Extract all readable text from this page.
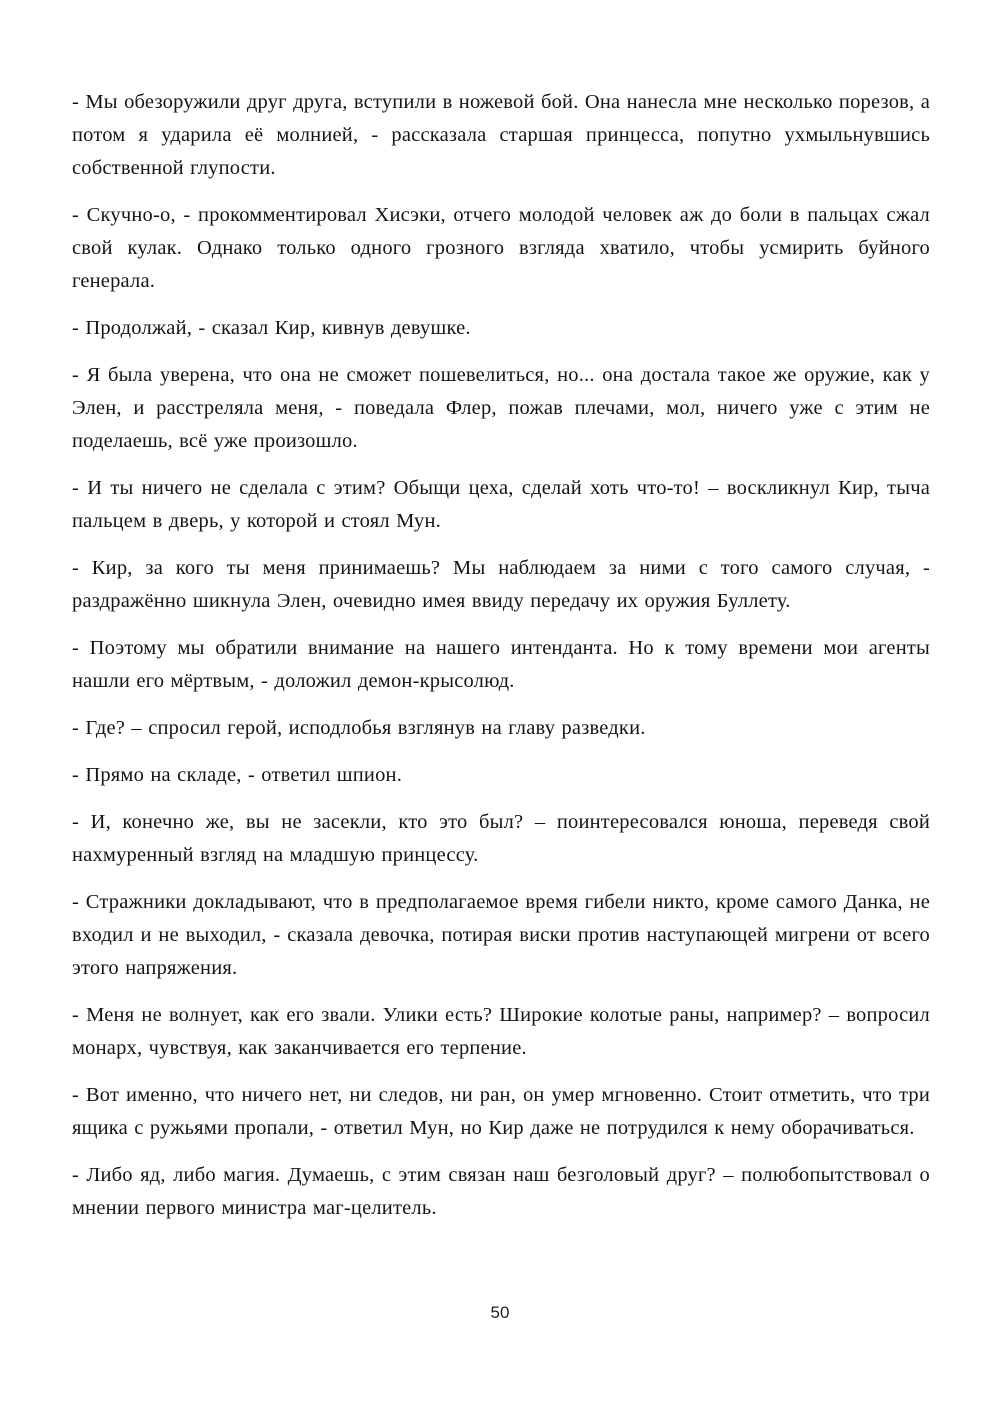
- Мы обезоружили друг друга, вступили в ножевой бой. Она нанесла мне несколько порезов, а потом я ударила её молнией, - рассказала старшая принцесса, попутно ухмыльнувшись собственной глупости.

- Скучно-о, - прокомментировал Хисэки, отчего молодой человек аж до боли в пальцах сжал свой кулак. Однако только одного грозного взгляда хватило, чтобы усмирить буйного генерала.

- Продолжай, - сказал Кир, кивнув девушке.

- Я была уверена, что она не сможет пошевелиться, но... она достала такое же оружие, как у Элен, и расстреляла меня, - поведала Флер, пожав плечами, мол, ничего уже с этим не поделаешь, всё уже произошло.

- И ты ничего не сделала с этим? Обыщи цеха, сделай хоть что-то! – воскликнул Кир, тыча пальцем в дверь, у которой и стоял Мун.

- Кир, за кого ты меня принимаешь? Мы наблюдаем за ними с того самого случая, - раздражённо шикнула Элен, очевидно имея ввиду передачу их оружия Буллету.

- Поэтому мы обратили внимание на нашего интенданта. Но к тому времени мои агенты нашли его мёртвым, - доложил демон-крысолюд.

- Где? – спросил герой, исподлобья взглянув на главу разведки.

- Прямо на складе, - ответил шпион.

- И, конечно же, вы не засекли, кто это был? – поинтересовался юноша, переведя свой нахмуренный взгляд на младшую принцессу.

- Стражники докладывают, что в предполагаемое время гибели никто, кроме самого Данка, не входил и не выходил, - сказала девочка, потирая виски против наступающей мигрени от всего этого напряжения.

- Меня не волнует, как его звали. Улики есть? Широкие колотые раны, например? – вопросил монарх, чувствуя, как заканчивается его терпение.

- Вот именно, что ничего нет, ни следов, ни ран, он умер мгновенно. Стоит отметить, что три ящика с ружьями пропали, - ответил Мун, но Кир даже не потрудился к нему оборачиваться.

- Либо яд, либо магия. Думаешь, с этим связан наш безголовый друг? – полюбопытствовал о мнении первого министра маг-целитель.

50
